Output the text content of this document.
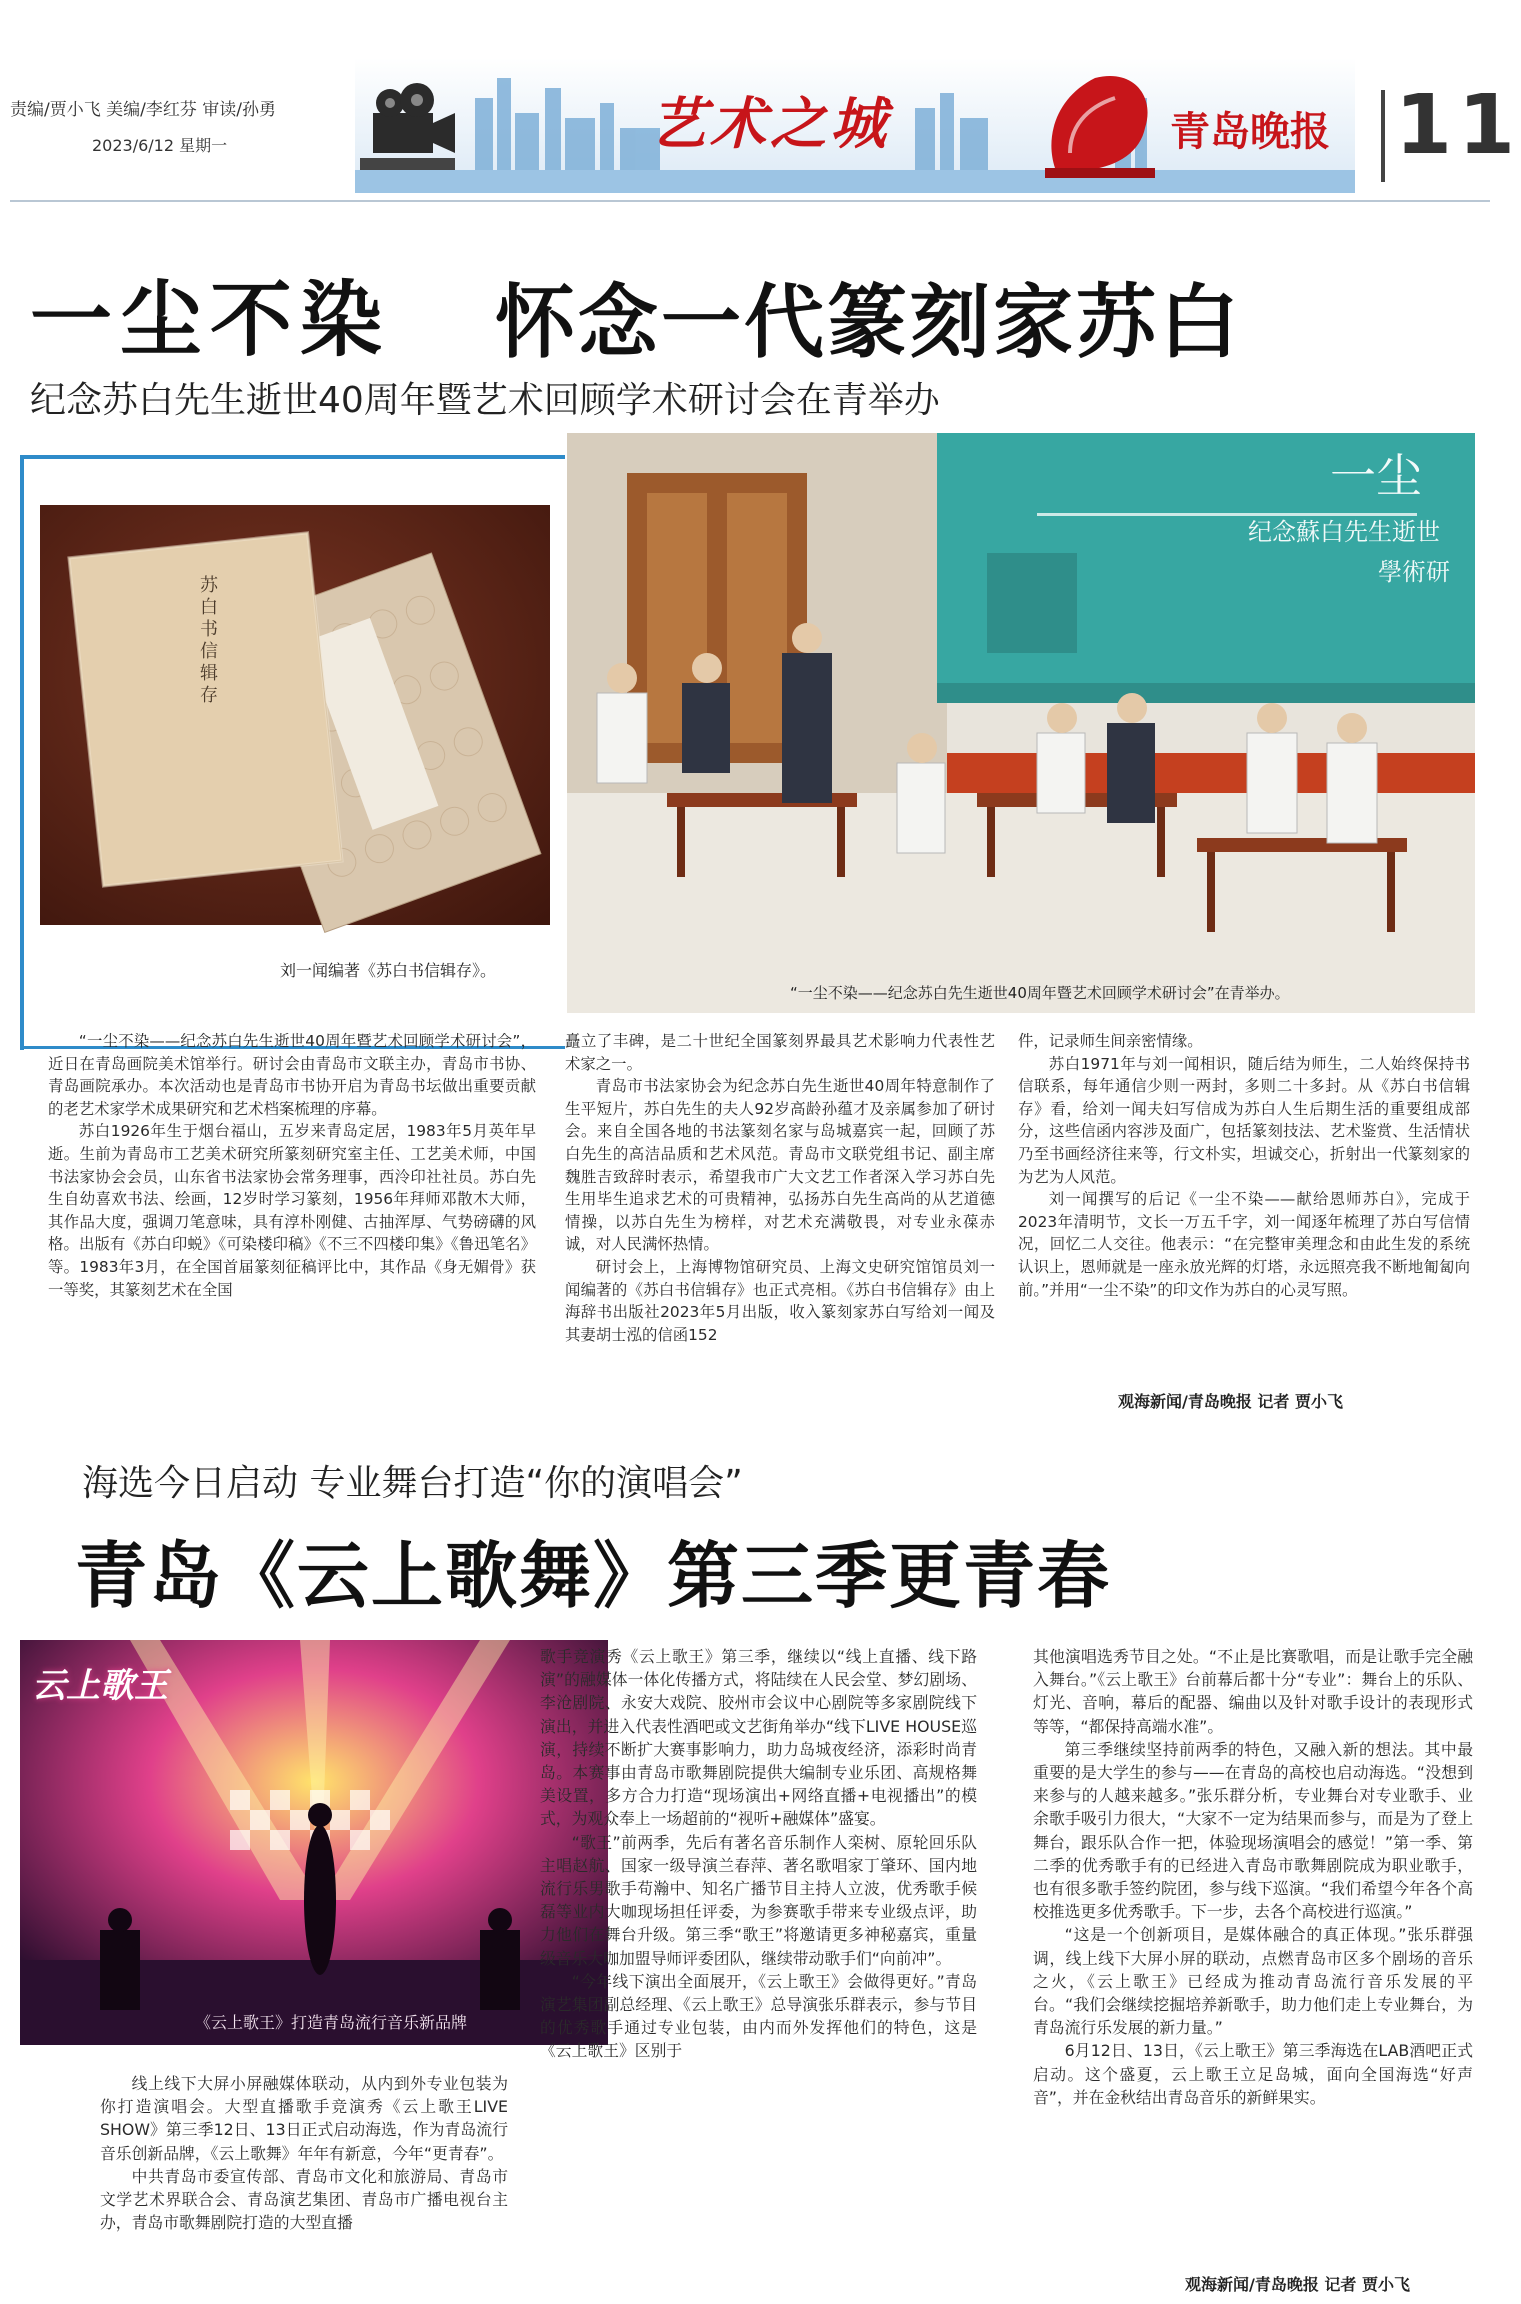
责编/贾小飞 美编/李红芬 审读/孙勇
2023/6/12 星期一	艺术之城	青岛晚报 11
一尘不染 怀念一代篆刻家苏白
纪念苏白先生逝世40周年暨艺术回顾学术研讨会在青举办
刘一闻编著《苏白书信辑存》。
“一尘不染——纪念苏白先生逝世40周年暨艺术回顾学术研讨会”在青举办。

“一尘不染——纪念苏白先生逝世40周年暨艺术回顾学术研讨会”，近日在青岛画院美术馆举行。研讨会由青岛市文联主办，青岛市书协、青岛画院承办。本次活动也是青岛市书协开启为青岛书坛做出重要贡献的老艺术家学术成果研究和艺术档案梳理的序幕。

苏白1926年生于烟台福山，五岁来青岛定居，1983年5月英年早逝。生前为青岛市工艺美术研究所篆刻研究室主任、工艺美术师，中国书法家协会会员，山东省书法家协会常务理事，西泠印社社员。苏白先生自幼喜欢书法、绘画，12岁时学习篆刻，1956年拜师邓散木大师，其作品大度，强调刀笔意味，具有淳朴刚健、古抽浑厚、气势磅礴的风格。出版有《苏白印蜕》《可染楼印稿》《不三不四楼印集》《鲁迅笔名》等。1983年3月，在全国首届篆刻征稿评比中，其作品《身无媚骨》获一等奖，其篆刻艺术在全国

矗立了丰碑，是二十世纪全国篆刻界最具艺术影响力代表性艺术家之一。

青岛市书法家协会为纪念苏白先生逝世40周年特意制作了生平短片，苏白先生的夫人92岁高龄孙蕴才及亲属参加了研讨会。来自全国各地的书法篆刻名家与岛城嘉宾一起，回顾了苏白先生的高洁品质和艺术风范。青岛市文联党组书记、副主席魏胜吉致辞时表示，希望我市广大文艺工作者深入学习苏白先生用毕生追求艺术的可贵精神，弘扬苏白先生高尚的从艺道德情操，以苏白先生为榜样，对艺术充满敬畏，对专业永葆赤诚，对人民满怀热情。

研讨会上，上海博物馆研究员、上海文史研究馆馆员刘一闻编著的《苏白书信辑存》也正式亮相。《苏白书信辑存》由上海辞书出版社2023年5月出版，收入篆刻家苏白写给刘一闻及其妻胡士泓的信函152

件，记录师生间亲密情缘。

苏白1971年与刘一闻相识，随后结为师生，二人始终保持书信联系，每年通信少则一两封，多则二十多封。从《苏白书信辑存》看，给刘一闻夫妇写信成为苏白人生后期生活的重要组成部分，这些信函内容涉及面广，包括篆刻技法、艺术鉴赏、生活情状乃至书画经济往来等，行文朴实，坦诚交心，折射出一代篆刻家的为艺为人风范。

刘一闻撰写的后记《一尘不染——献给恩师苏白》，完成于2023年清明节，文长一万五千字，刘一闻逐年梳理了苏白写信情况，回忆二人交往。他表示：“在完整审美理念和由此生发的系统认识上，恩师就是一座永放光辉的灯塔，永远照亮我不断地匍匐向前。”并用“一尘不染”的印文作为苏白的心灵写照。

观海新闻/青岛晚报 记者 贾小飞
海选今日启动 专业舞台打造“你的演唱会”
青岛《云上歌舞》第三季更青春
云上歌王
《云上歌王》打造青岛流行音乐新品牌

线上线下大屏小屏融媒体联动，从内到外专业包装为你打造演唱会。大型直播歌手竞演秀《云上歌王LIVE SHOW》第三季12日、13日正式启动海选，作为青岛流行音乐创新品牌，《云上歌舞》年年有新意，今年“更青春”。

中共青岛市委宣传部、青岛市文化和旅游局、青岛市文学艺术界联合会、青岛演艺集团、青岛市广播电视台主办，青岛市歌舞剧院打造的大型直播

歌手竞演秀《云上歌王》第三季，继续以“线上直播、线下路演”的融媒体一体化传播方式，将陆续在人民会堂、梦幻剧场、李沧剧院、永安大戏院、胶州市会议中心剧院等多家剧院线下演出，并进入代表性酒吧或文艺街角举办“线下LIVE HOUSE巡演，持续不断扩大赛事影响力，助力岛城夜经济，添彩时尚青岛。本赛事由青岛市歌舞剧院提供大编制专业乐团、高规格舞美设置，多方合力打造“现场演出+网络直播+电视播出”的模式，为观众奉上一场超前的“视听+融媒体”盛宴。

“歌王”前两季，先后有著名音乐制作人栾树、原轮回乐队主唱赵航、国家一级导演兰春萍、著名歌唱家丁肇环、国内地流行乐男歌手苟瀚中、知名广播节目主持人立波，优秀歌手候磊等业内大咖现场担任评委，为参赛歌手带来专业级点评，助力他们在舞台升级。第三季“歌王”将邀请更多神秘嘉宾，重量级音乐大咖加盟导师评委团队，继续带动歌手们“向前冲”。

“今年线下演出全面展开，《云上歌王》会做得更好。”青岛演艺集团副总经理、《云上歌王》总导演张乐群表示，参与节目的优秀歌手通过专业包装，由内而外发挥他们的特色，这是《云上歌王》区别于

其他演唱选秀节目之处。“不止是比赛歌唱，而是让歌手完全融入舞台。”《云上歌王》台前幕后都十分“专业”：舞台上的乐队、灯光、音响，幕后的配器、编曲以及针对歌手设计的表现形式等等，“都保持高端水准”。

第三季继续坚持前两季的特色，又融入新的想法。其中最重要的是大学生的参与——在青岛的高校也启动海选。“没想到来参与的人越来越多。”张乐群分析，专业舞台对专业歌手、业余歌手吸引力很大，“大家不一定为结果而参与，而是为了登上舞台，跟乐队合作一把，体验现场演唱会的感觉！”第一季、第二季的优秀歌手有的已经进入青岛市歌舞剧院成为职业歌手，也有很多歌手签约院团，参与线下巡演。“我们希望今年各个高校推选更多优秀歌手。下一步，去各个高校进行巡演。”

“这是一个创新项目，是媒体融合的真正体现。”张乐群强调，线上线下大屏小屏的联动，点燃青岛市区多个剧场的音乐之火，《云上歌王》已经成为推动青岛流行音乐发展的平台。“我们会继续挖掘培养新歌手，助力他们走上专业舞台，为青岛流行乐发展的新力量。”

6月12日、13日，《云上歌王》第三季海选在LAB酒吧正式启动。这个盛夏，云上歌王立足岛城，面向全国海选“好声音”，并在金秋结出青岛音乐的新鲜果实。

观海新闻/青岛晚报 记者 贾小飞
苏白书信辑存
一尘
纪念蘇白先生逝世
學術研
